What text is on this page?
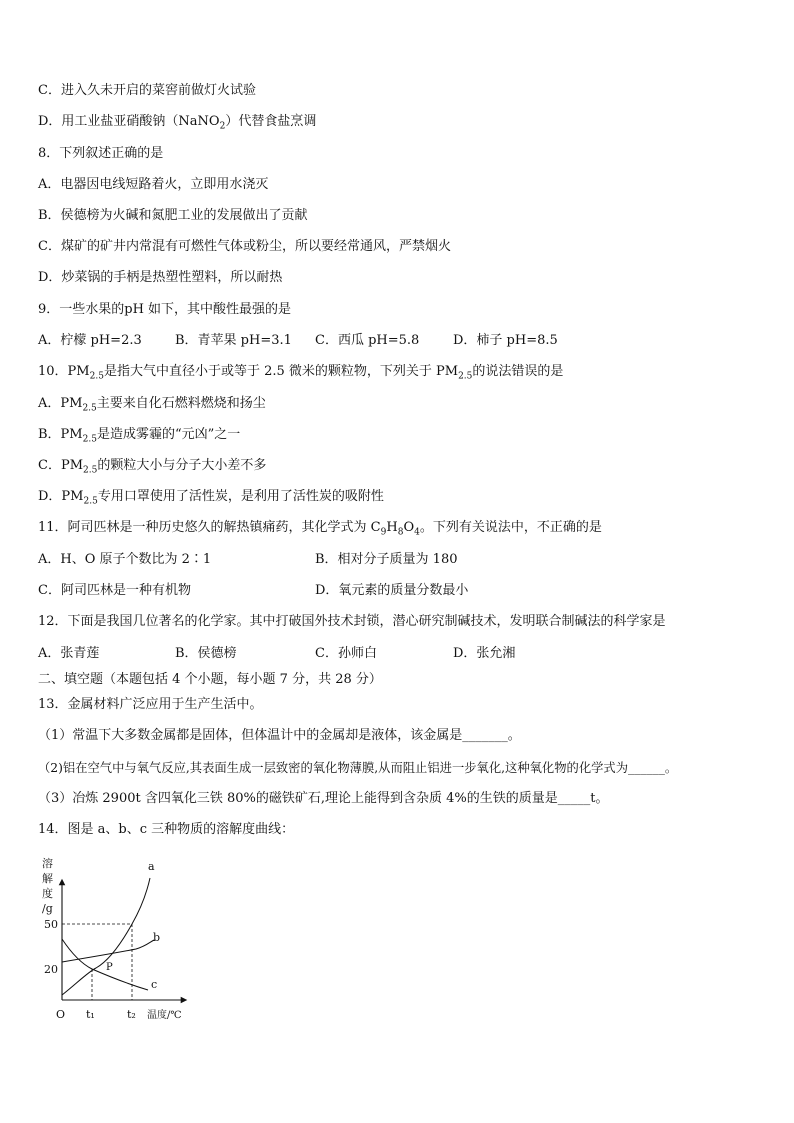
C．进入久未开启的菜窖前做灯火试验
D．用工业盐亚硝酸钠（NaNO$_2$）代替食盐烹调
8．下列叙述正确的是
A．电器因电线短路着火，立即用水浇灭
B．侯德榜为火碱和氮肥工业的发展做出了贡献
C．煤矿的矿井内常混有可燃性气体或粉尘，所以要经常通风，严禁烟火
D．炒菜锅的手柄是热塑性塑料，所以耐热
9．一些水果的pH 如下，其中酸性最强的是
A．柠檬 pH=2.3	B．青苹果 pH=3.1 C．西瓜 pH=5.8	D．柿子 pH=8.5
10．$PM_{2.5}$是指大气中直径小于或等于 2.5 微米的颗粒物，下列关于 $PM_{2.5}$的说法错误的是
A．$PM_{2.5}$主要来自化石燃料燃烧和扬尘
B．$PM_{2.5}$是造成雾霾的“元凶”之一
C．$PM_{2.5}$的颗粒大小与分子大小差不多
D．$PM_{2.5}$专用口罩使用了活性炭，是利用了活性炭的吸附性
11．阿司匹林是一种历史悠久的解热镇痛药，其化学式为 $C_9H_8O_4$。下列有关说法中，不正确的是
A．H、O 原子个数比为 2∶1	B．相对分子质量为 180
C．阿司匹林是一种有机物	D．氧元素的质量分数最小
12．下面是我国几位著名的化学家。其中打破国外技术封锁，潜心研究制碱技术，发明联合制碱法的科学家是
A．张青莲	B．侯德榜	C．孙师白	D．张允湘
二、填空题（本题包括 4 个小题，每小题 7 分，共 28 分）
13．金属材料广泛应用于生产生活中。
（1）常温下大多数金属都是固体，但体温计中的金属却是液体，该金属是_______。
（2)铝在空气中与氧气反应,其表面生成一层致密的氧化物薄膜,从而阻止铝进一步氧化,这种氧化物的化学式为______。
（3）冶炼 2900t 含四氧化三铁 80%的磁铁矿石,理论上能得到含杂质 4%的生铁的质量是_____t。
14．图是 a、b、c 三种物质的溶解度曲线：
溶
解
度
/g
50
20
O t₁	t₂ 温度/℃
a
b
c
P
